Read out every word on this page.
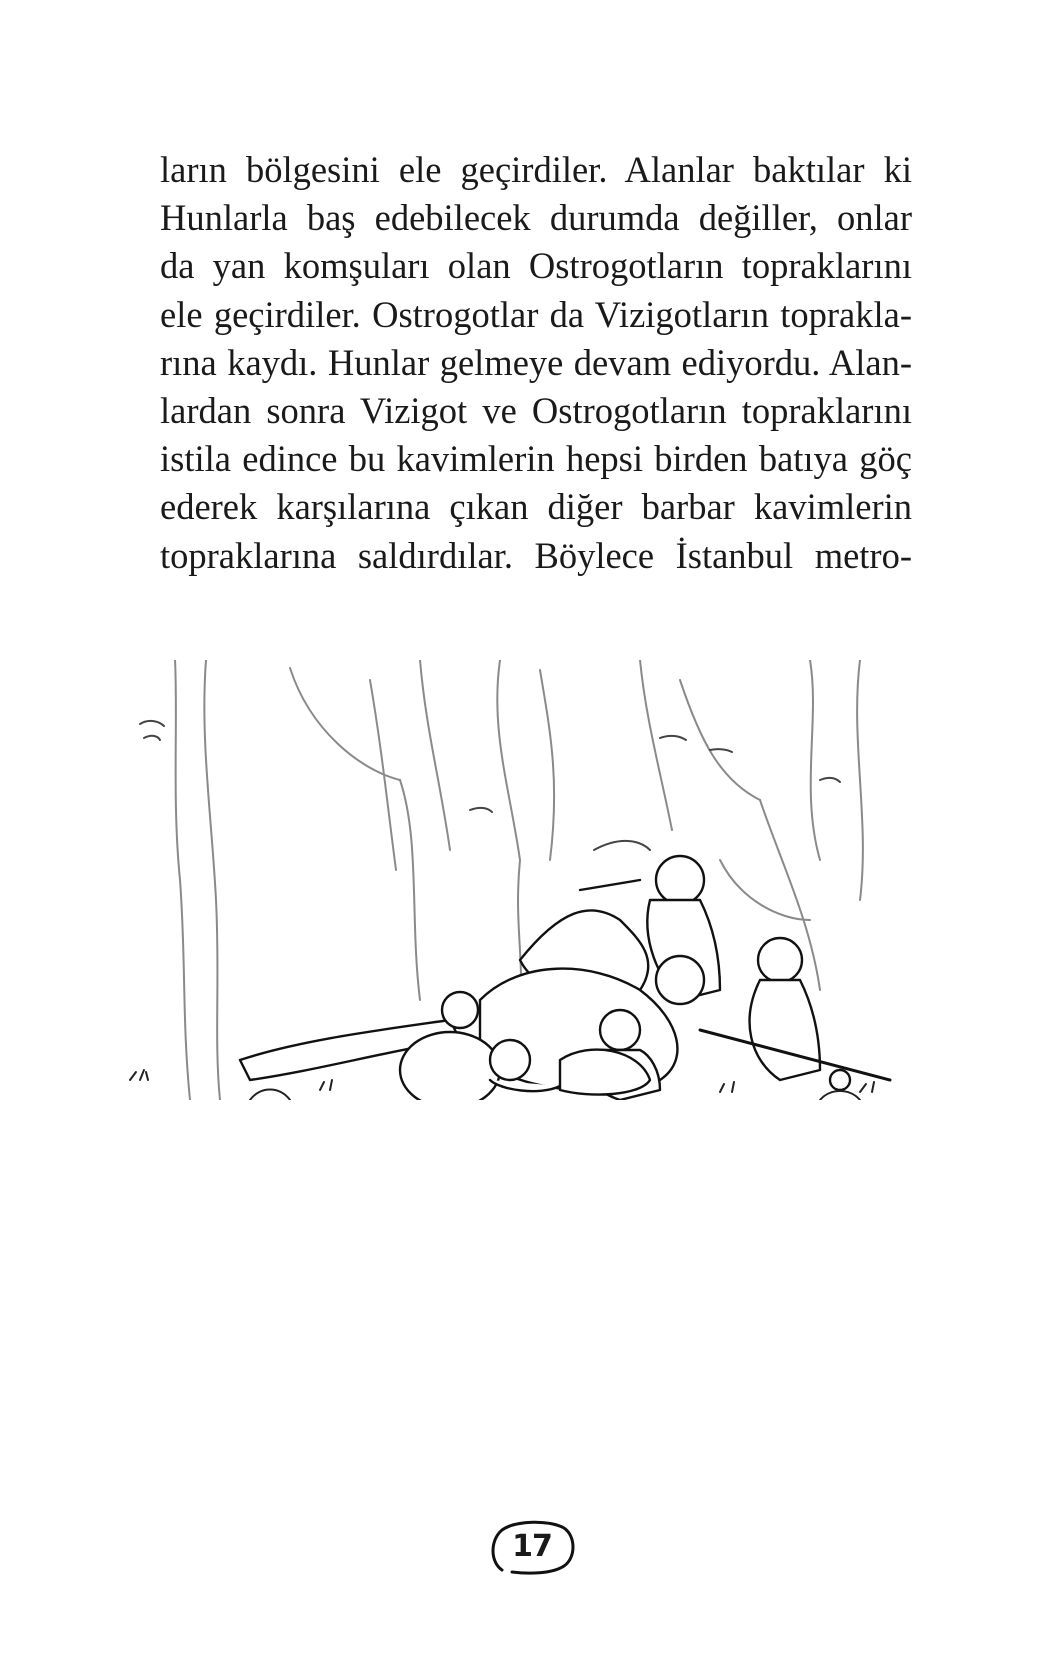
ların bölgesini ele geçirdiler. Alanlar baktılar ki
Hunlarla baş edebilecek durumda değiller, onlar
da yan komşuları olan Ostrogotların topraklarını
ele geçirdiler. Ostrogotlar da Vizigotların toprakla-
rına kaydı. Hunlar gelmeye devam ediyordu. Alan-
lardan sonra Vizigot ve Ostrogotların topraklarını
istila edince bu kavimlerin hepsi birden batıya göç
ederek karşılarına çıkan diğer barbar kavimlerin
topraklarına saldırdılar. Böylece İstanbul metro-
17
